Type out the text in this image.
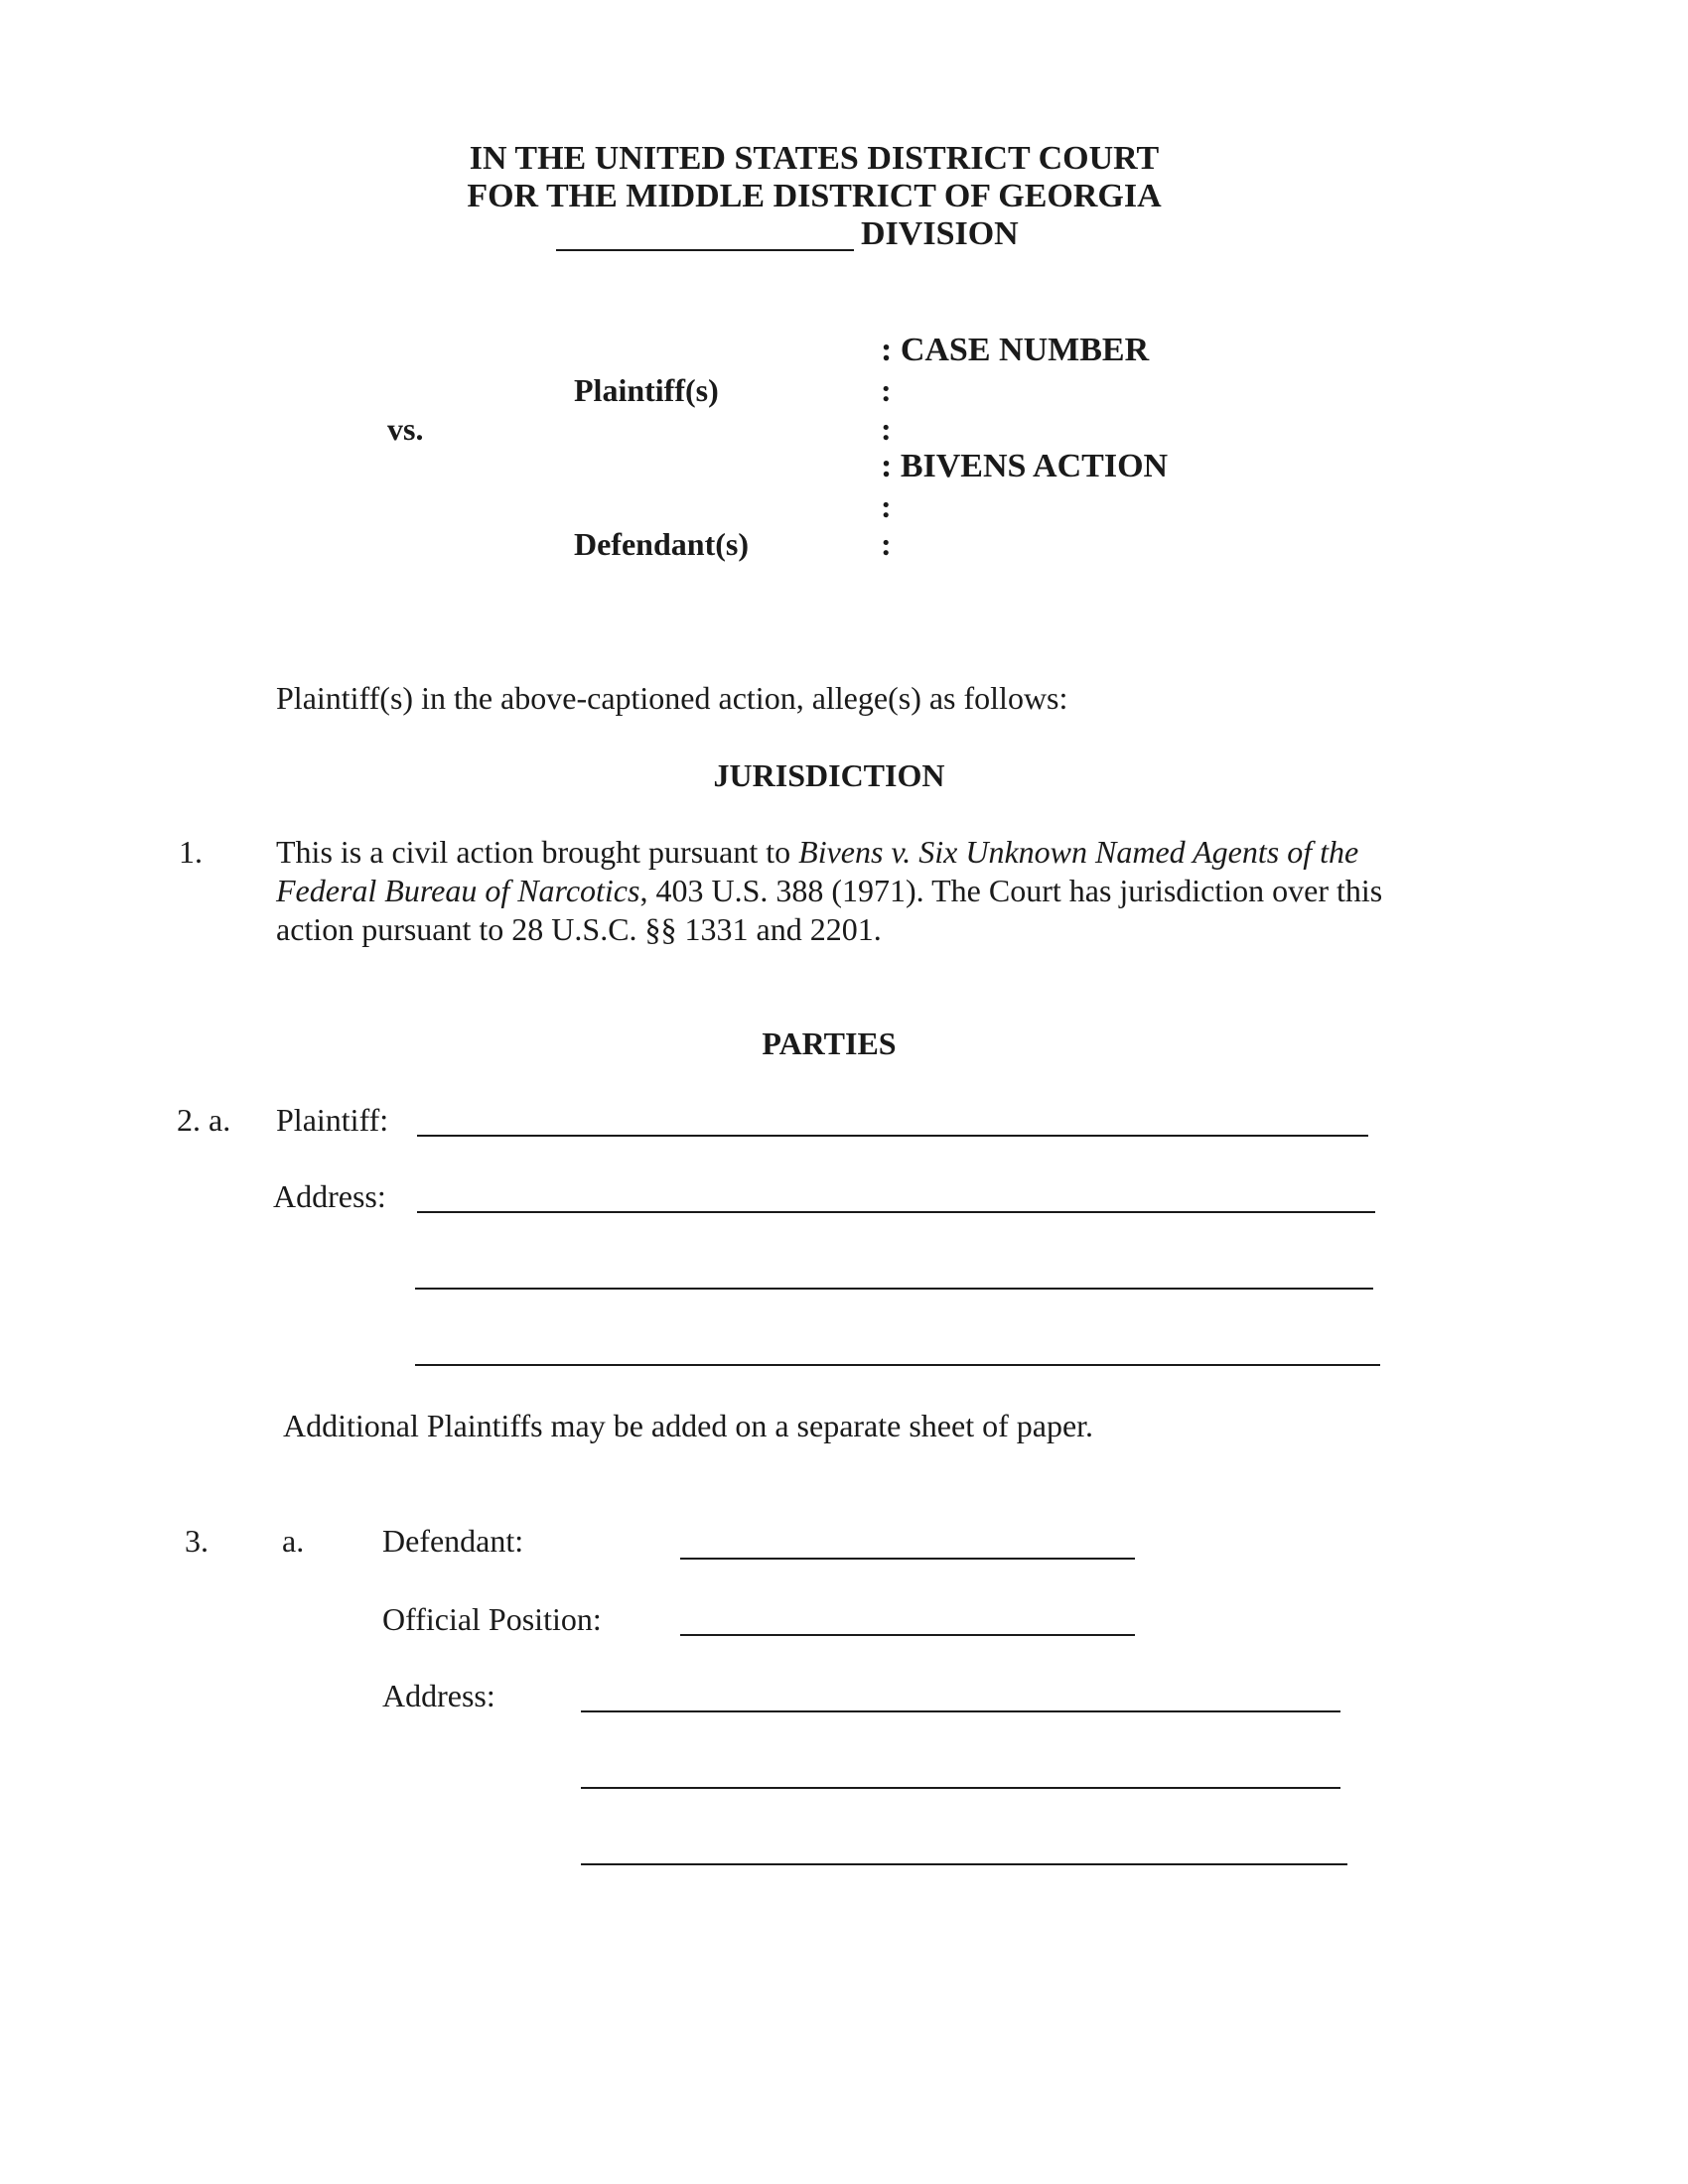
IN THE UNITED STATES DISTRICT COURT
FOR THE MIDDLE DISTRICT OF GEORGIA
DIVISION
: CASE NUMBER
Plaintiff(s)	:
vs.	:
: BIVENS ACTION
:
Defendant(s)	:
Plaintiff(s) in the above-captioned action, allege(s) as follows:
JURISDICTION
1. This is a civil action brought pursuant to Bivens v. Six Unknown Named Agents of the
Federal Bureau of Narcotics, 403 U.S. 388 (1971). The Court has jurisdiction over this
action pursuant to 28 U.S.C. §§ 1331 and 2201.
PARTIES
2. a. Plaintiff:
Address:
Additional Plaintiffs may be added on a separate sheet of paper.
3. a. Defendant:
Official Position:
Address:
